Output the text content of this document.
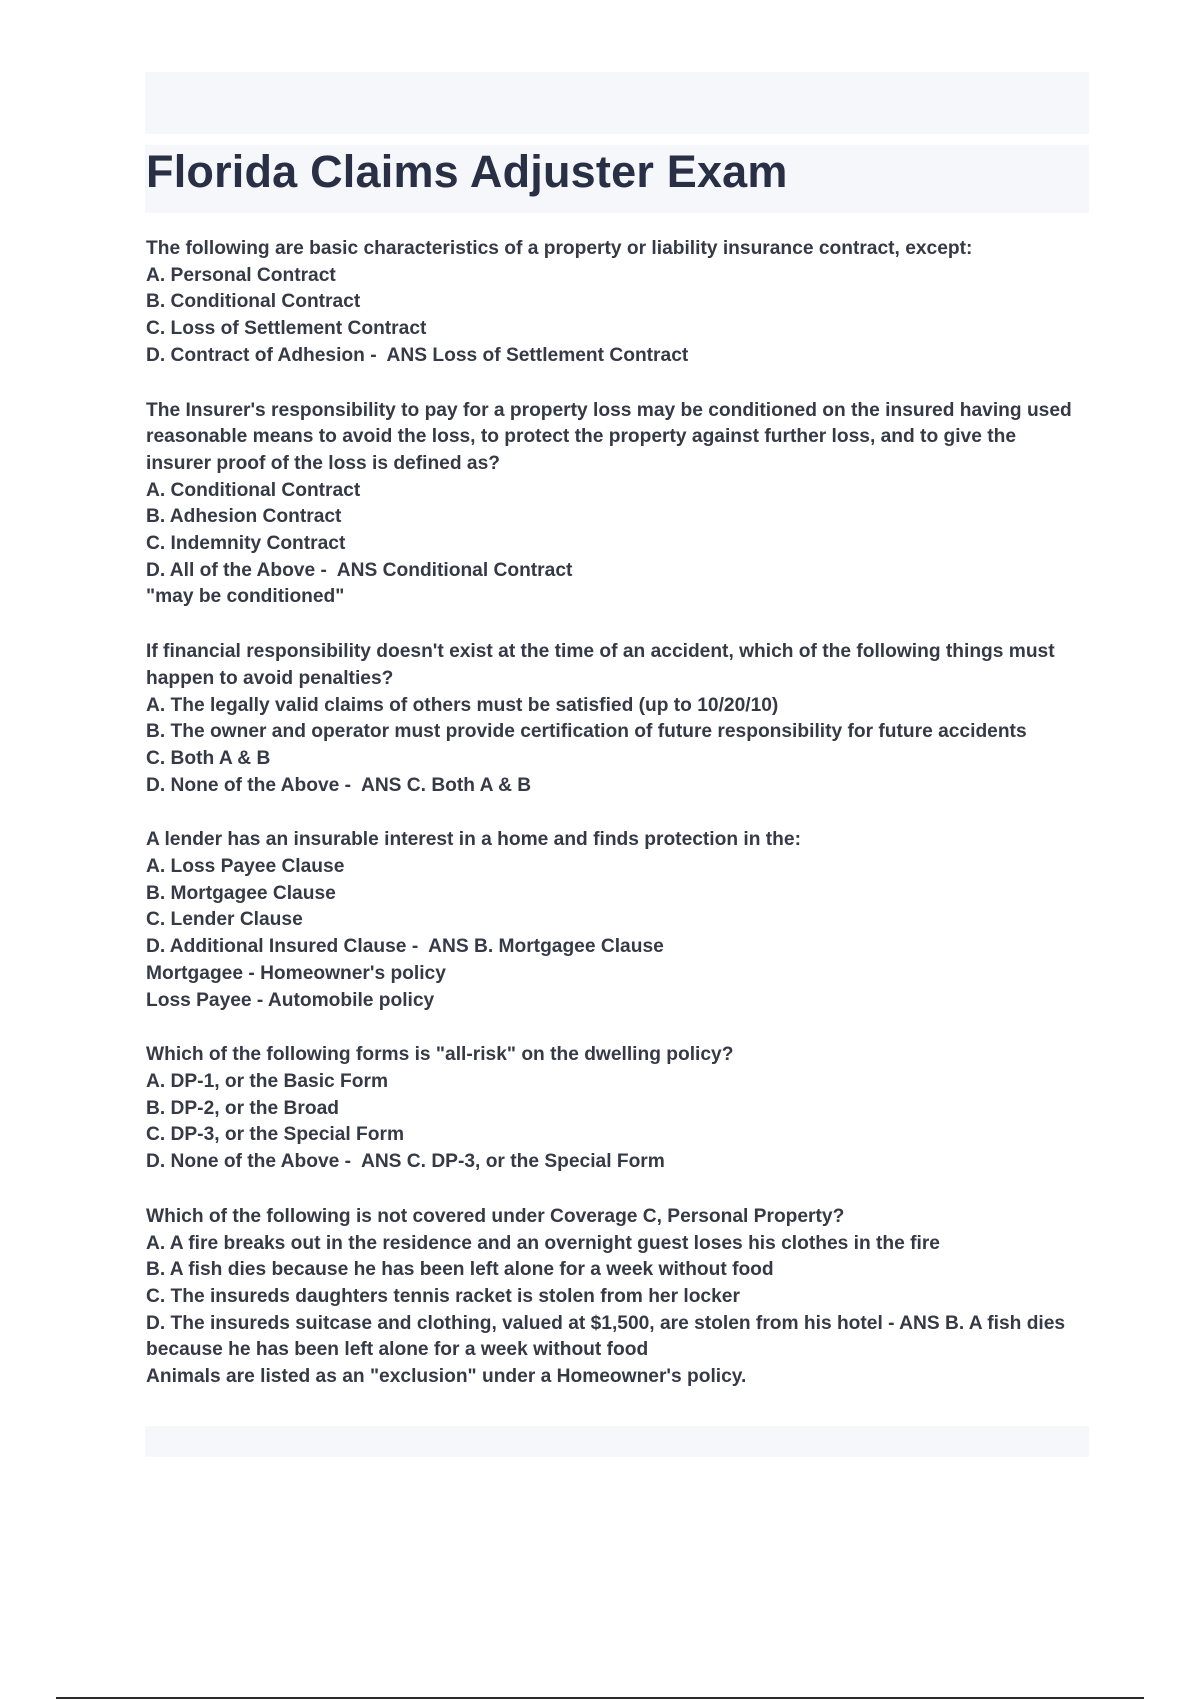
Florida Claims Adjuster Exam
The following are basic characteristics of a property or liability insurance contract, except:
A. Personal Contract
B. Conditional Contract
C. Loss of Settlement Contract
D. Contract of Adhesion -  ANS Loss of Settlement Contract
The Insurer's responsibility to pay for a property loss may be conditioned on the insured having used reasonable means to avoid the loss, to protect the property against further loss, and to give the insurer proof of the loss is defined as?
A. Conditional Contract
B. Adhesion Contract
C. Indemnity Contract
D. All of the Above -  ANS Conditional Contract
"may be conditioned"
If financial responsibility doesn't exist at the time of an accident, which of the following things must happen to avoid penalties?
A. The legally valid claims of others must be satisfied (up to 10/20/10)
B. The owner and operator must provide certification of future responsibility for future accidents
C. Both A & B
D. None of the Above -  ANS C. Both A & B
A lender has an insurable interest in a home and finds protection in the:
A. Loss Payee Clause
B. Mortgagee Clause
C. Lender Clause
D. Additional Insured Clause -  ANS B. Mortgagee Clause
Mortgagee - Homeowner's policy
Loss Payee - Automobile policy
Which of the following forms is "all-risk" on the dwelling policy?
A. DP-1, or the Basic Form
B. DP-2, or the Broad
C. DP-3, or the Special Form
D. None of the Above -  ANS C. DP-3, or the Special Form
Which of the following is not covered under Coverage C, Personal Property?
A. A fire breaks out in the residence and an overnight guest loses his clothes in the fire
B. A fish dies because he has been left alone for a week without food
C. The insureds daughters tennis racket is stolen from her locker
D. The insureds suitcase and clothing, valued at $1,500, are stolen from his hotel - ANS B. A fish dies because he has been left alone for a week without food
Animals are listed as an "exclusion" under a Homeowner's policy.
